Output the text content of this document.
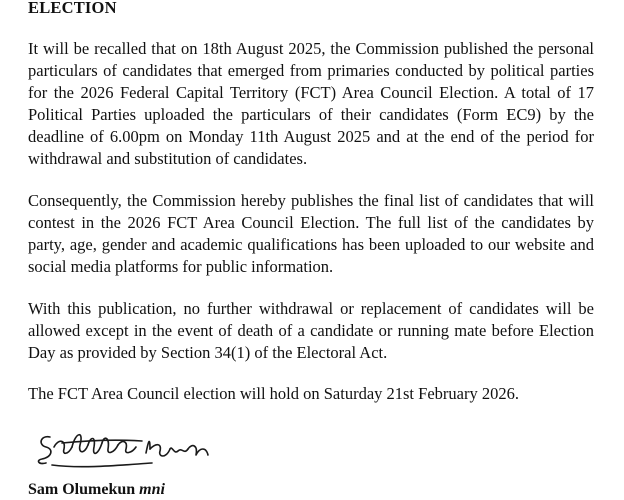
ELECTION

It will be recalled that on 18th August 2025, the Commission published the personal particulars of candidates that emerged from primaries conducted by political parties for the 2026 Federal Capital Territory (FCT) Area Council Election. A total of 17 Political Parties uploaded the particulars of their candidates (Form EC9) by the deadline of 6.00pm on Monday 11th August 2025 and at the end of the period for withdrawal and substitution of candidates.

Consequently, the Commission hereby publishes the final list of candidates that will contest in the 2026 FCT Area Council Election. The full list of the candidates by party, age, gender and academic qualifications has been uploaded to our website and social media platforms for public information.

With this publication, no further withdrawal or replacement of candidates will be allowed except in the event of death of a candidate or running mate before Election Day as provided by Section 34(1) of the Electoral Act.

The FCT Area Council election will hold on Saturday 21st February 2026.

Sam Olumekun mni
